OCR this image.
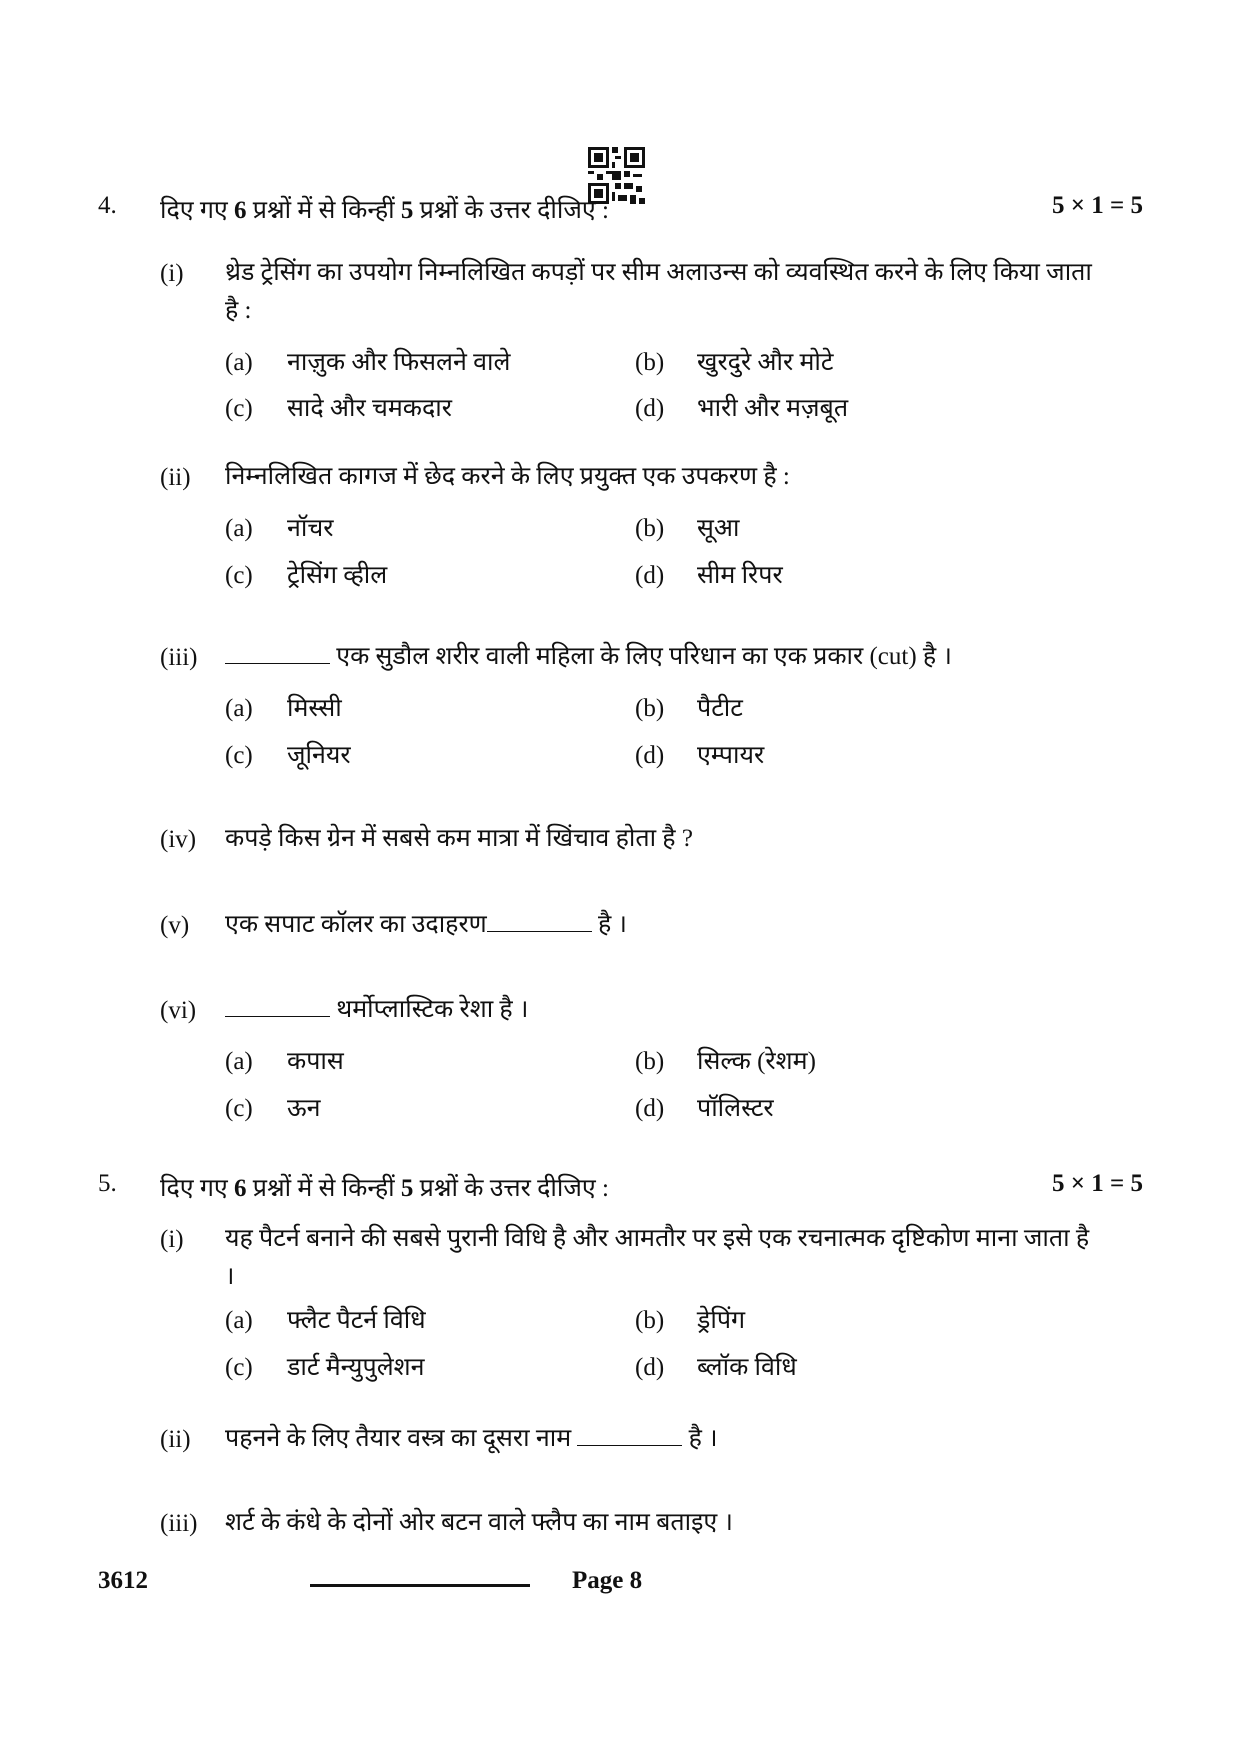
4. दिए गए 6 प्रश्नों में से किन्हीं 5 प्रश्नों के उत्तर दीजिए :	5 × 1 = 5
(i)	थ्रेड ट्रेसिंग का उपयोग निम्नलिखित कपड़ों पर सीम अलाउन्स को व्यवस्थित करने के लिए किया जाता है :
(a) नाज़ुक और फिसलने वाले	(b) खुरदुरे और मोटे
(c) सादे और चमकदार	(d) भारी और मज़बूत
(ii)	निम्नलिखित कागज में छेद करने के लिए प्रयुक्त एक उपकरण है :
(a) नॉचर	(b) सूआ
(c) ट्रेसिंग व्हील	(d) सीम रिपर
(iii)	एक सुडौल शरीर वाली महिला के लिए परिधान का एक प्रकार (cut) है ।
(a) मिस्सी	(b) पैटीट
(c) जूनियर	(d) एम्पायर
(iv)	कपड़े किस ग्रेन में सबसे कम मात्रा में खिंचाव होता है ?
(v)	एक सपाट कॉलर का उदाहरण	है ।
(vi)	थर्मोप्लास्टिक रेशा है ।
(a) कपास	(b) सिल्क (रेशम)
(c) ऊन	(d) पॉलिस्टर
5. दिए गए 6 प्रश्नों में से किन्हीं 5 प्रश्नों के उत्तर दीजिए :	5 × 1 = 5
(i)	यह पैटर्न बनाने की सबसे पुरानी विधि है और आमतौर पर इसे एक रचनात्मक दृष्टिकोण माना जाता है ।
(a) फ्लैट पैटर्न विधि	(b) ड्रेपिंग
(c) डार्ट मैन्युपुलेशन	(d) ब्लॉक विधि
(ii)	पहनने के लिए तैयार वस्त्र का दूसरा नाम	है ।
(iii)	शर्ट के कंधे के दोनों ओर बटन वाले फ्लैप का नाम बताइए ।
3612	Page 8
